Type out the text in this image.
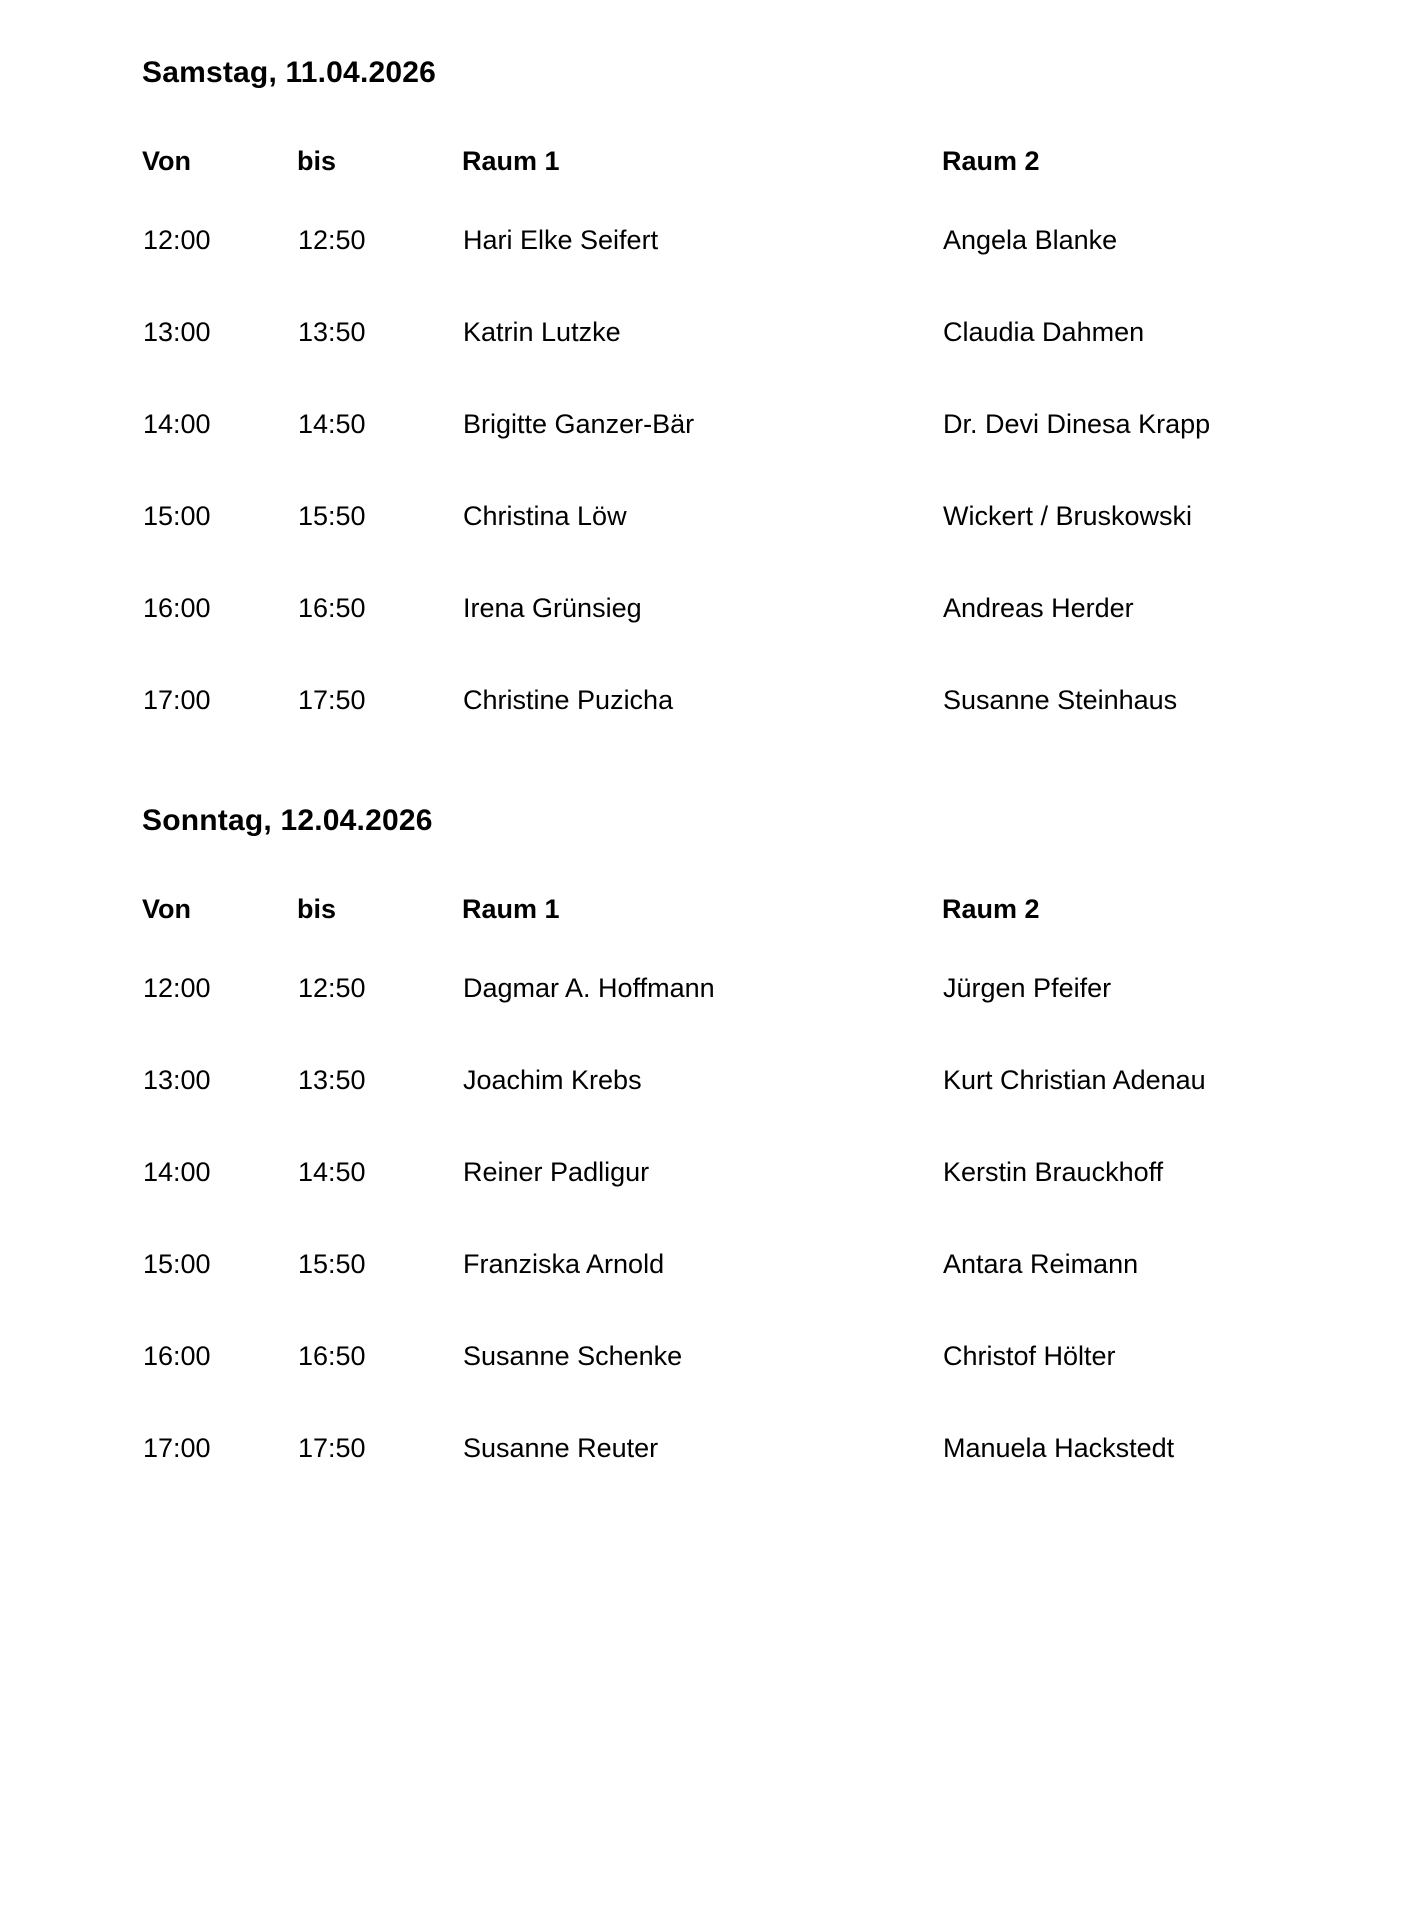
Samstag, 11.04.2026
Von	bis	Raum 1	Raum 2
12:00	12:50	Hari Elke Seifert	Angela Blanke
13:00	13:50	Katrin Lutzke	Claudia Dahmen
14:00	14:50	Brigitte Ganzer-Bär	Dr. Devi Dinesa Krapp
15:00	15:50	Christina Löw	Wickert / Bruskowski
16:00	16:50	Irena Grünsieg	Andreas Herder
17:00	17:50	Christine Puzicha	Susanne Steinhaus
Sonntag, 12.04.2026
Von	bis	Raum 1	Raum 2
12:00	12:50	Dagmar A. Hoffmann	Jürgen Pfeifer
13:00	13:50	Joachim Krebs	Kurt Christian Adenau
14:00	14:50	Reiner Padligur	Kerstin Brauckhoff
15:00	15:50	Franziska Arnold	Antara Reimann
16:00	16:50	Susanne Schenke	Christof Hölter
17:00	17:50	Susanne Reuter	Manuela Hackstedt
